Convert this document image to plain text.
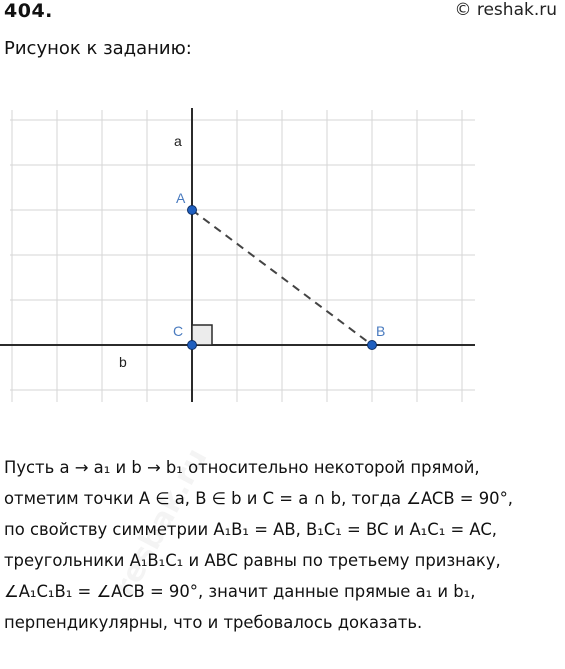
404.	© reshak.ru
Рисунок к заданию:
a
b
A
B
C
Пусть a → a₁ и b → b₁ относительно некоторой прямой,
отметим точки A ∈ a, B ∈ b и C = a ∩ b, тогда ∠ACB = 90°,
по свойству симметрии A₁B₁ = AB, B₁C₁ = BC и A₁C₁ = AC,
треугольники A₁B₁C₁ и ABC равны по третьему признаку,
∠A₁C₁B₁ = ∠ACB = 90°, значит данные прямые a₁ и b₁,
перпендикулярны, что и требовалось доказать.
